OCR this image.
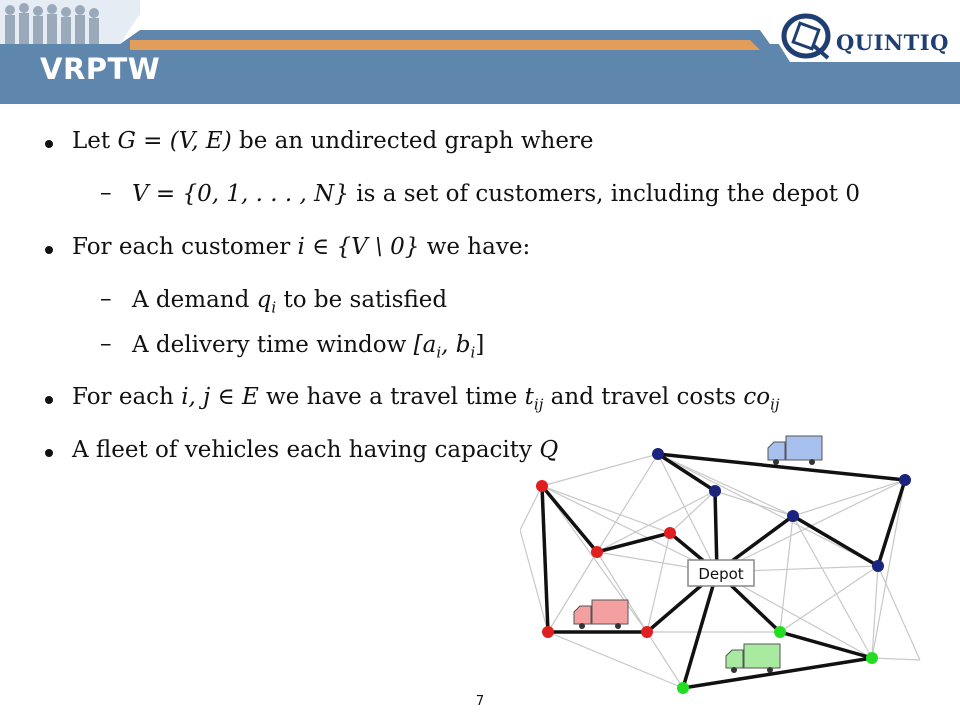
QUINTIQ
VRPTW
Let G = (V, E) be an undirected graph where
– V = {0, 1, . . . , N} is a set of customers, including the depot 0
For each customer i ∈ {V \ 0} we have:
– A demand $q_i$ to be satisfied
– A delivery time window [$a_i$, $b_i$]
For each i, j ∈ E we have a travel time $t_{ij}$ and travel costs $co_{ij}$
A fleet of vehicles each having capacity Q
Depot
7
